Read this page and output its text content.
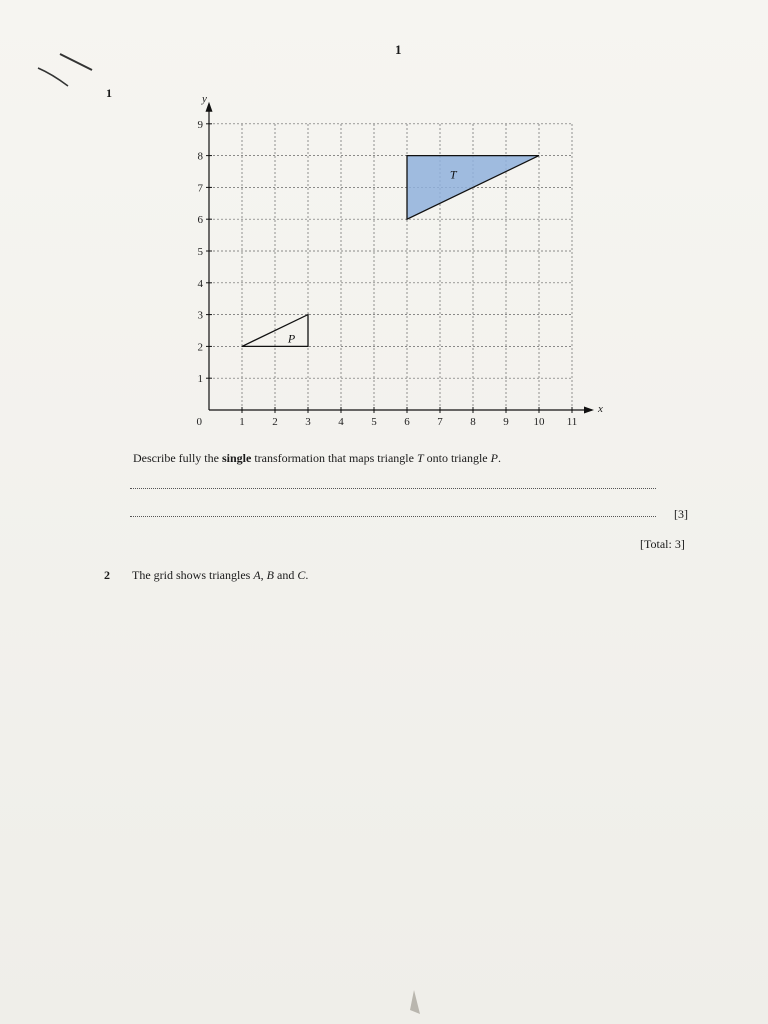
1
1
1	2	3	4	5	6	7	8	9 10 11
1
2
3
4
5
6
7
8
9
0
x
y
T
P
Describe fully the single transformation that maps triangle T onto triangle P.
[3]
[Total: 3]
2 The grid shows triangles A, B and C.
